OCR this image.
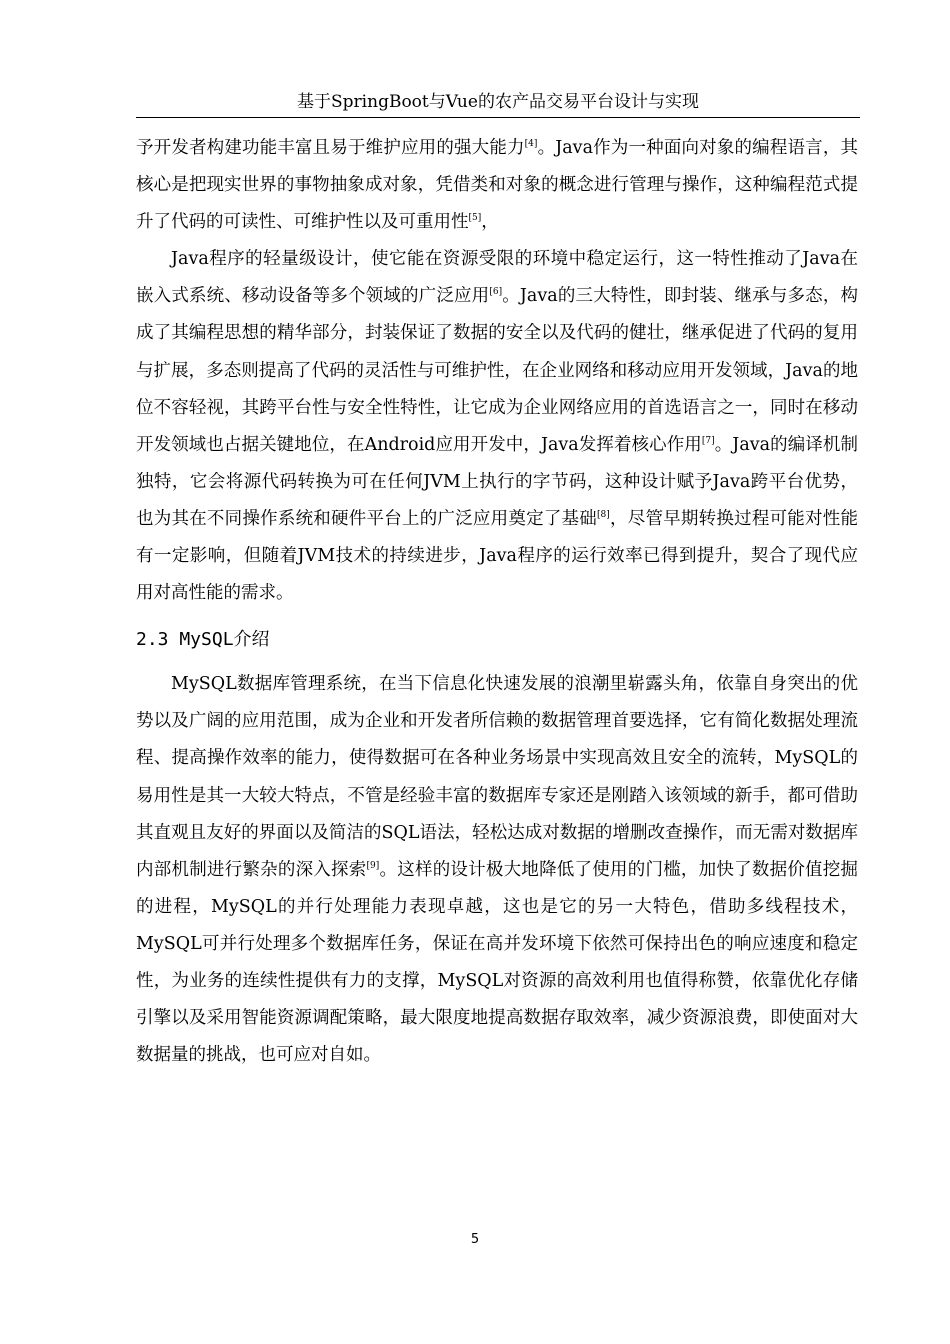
基于SpringBoot与Vue的农产品交易平台设计与实现

予开发者构建功能丰富且易于维护应用的强大能力[4]。Java作为一种面向对象的编程语言，其核心是把现实世界的事物抽象成对象，凭借类和对象的概念进行管理与操作，这种编程范式提升了代码的可读性、可维护性以及可重用性[5]，

Java程序的轻量级设计，使它能在资源受限的环境中稳定运行，这一特性推动了Java在嵌入式系统、移动设备等多个领域的广泛应用[6]。Java的三大特性，即封装、继承与多态，构成了其编程思想的精华部分，封装保证了数据的安全以及代码的健壮，继承促进了代码的复用与扩展，多态则提高了代码的灵活性与可维护性，在企业网络和移动应用开发领域，Java的地位不容轻视，其跨平台性与安全性特性，让它成为企业网络应用的首选语言之一，同时在移动开发领域也占据关键地位，在Android应用开发中，Java发挥着核心作用[7]。Java的编译机制独特，它会将源代码转换为可在任何JVM上执行的字节码，这种设计赋予Java跨平台优势，也为其在不同操作系统和硬件平台上的广泛应用奠定了基础[8]，尽管早期转换过程可能对性能有一定影响，但随着JVM技术的持续进步，Java程序的运行效率已得到提升，契合了现代应用对高性能的需求。

2.3 MySQL介绍

MySQL数据库管理系统，在当下信息化快速发展的浪潮里崭露头角，依靠自身突出的优势以及广阔的应用范围，成为企业和开发者所信赖的数据管理首要选择，它有简化数据处理流程、提高操作效率的能力，使得数据可在各种业务场景中实现高效且安全的流转，MySQL的易用性是其一大较大特点，不管是经验丰富的数据库专家还是刚踏入该领域的新手，都可借助其直观且友好的界面以及简洁的SQL语法，轻松达成对数据的增删改查操作，而无需对数据库内部机制进行繁杂的深入探索[9]。这样的设计极大地降低了使用的门槛，加快了数据价值挖掘的进程，MySQL的并行处理能力表现卓越，这也是它的另一大特色，借助多线程技术，MySQL可并行处理多个数据库任务，保证在高并发环境下依然可保持出色的响应速度和稳定性，为业务的连续性提供有力的支撑，MySQL对资源的高效利用也值得称赞，依靠优化存储引擎以及采用智能资源调配策略，最大限度地提高数据存取效率，减少资源浪费，即使面对大数据量的挑战，也可应对自如。

5
